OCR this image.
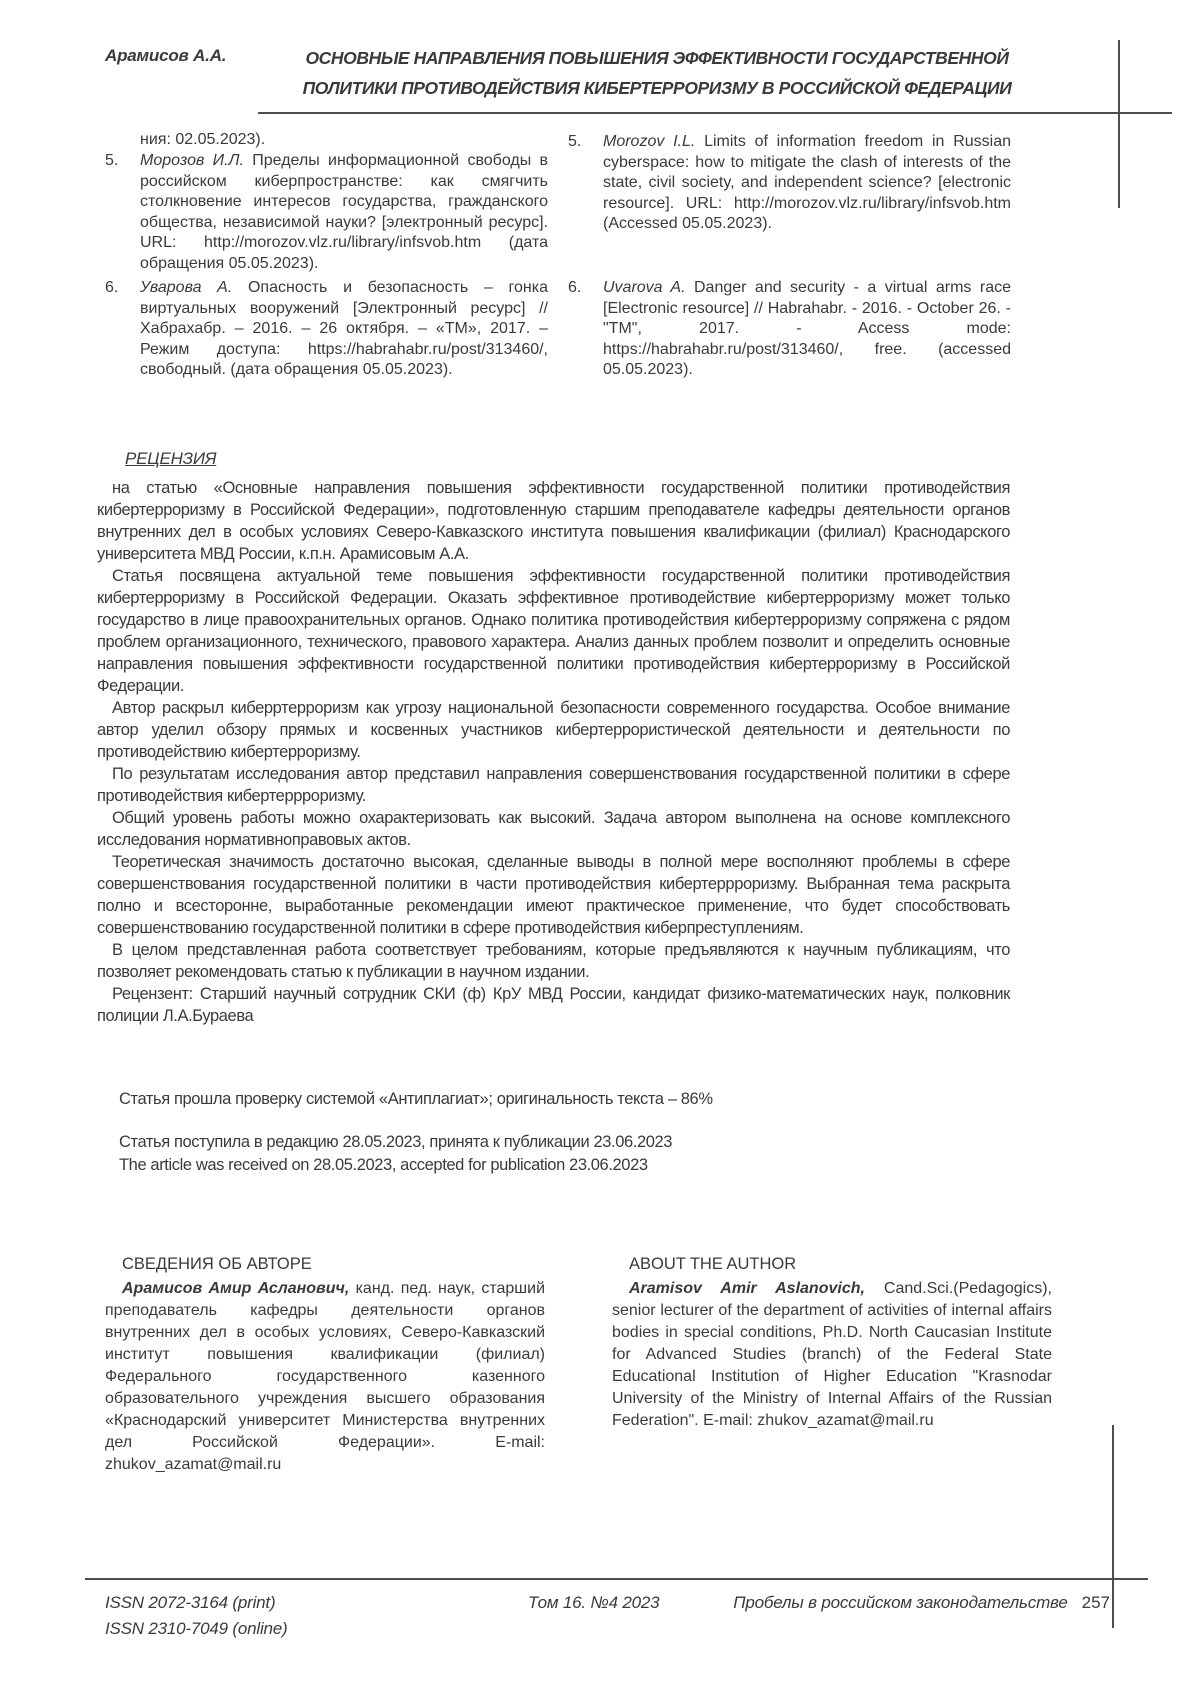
Арамисов А.А.	ОСНОВНЫЕ НАПРАВЛЕНИЯ ПОВЫШЕНИЯ ЭФФЕКТИВНОСТИ ГОСУДАРСТВЕННОЙ
ПОЛИТИКИ ПРОТИВОДЕЙСТВИЯ КИБЕРТЕРРОРИЗМУ В РОССИЙСКОЙ ФЕДЕРАЦИИ
ния: 02.05.2023).
5.	Морозов И.Л. Пределы информационной свободы в российском киберпространстве: как смягчить столкновение интересов государства, гражданского общества, независимой науки? [электронный ресурс]. URL: http://morozov.vlz.ru/library/infsvob.htm (дата обращения 05.05.2023).

6.	Уварова А. Опасность и безопасность – гонка виртуальных вооружений [Электронный ресурс] // Хабрахабр. – 2016. – 26 октября. – «ТМ», 2017. – Режим доступа: https://habrahabr.ru/post/313460/, свободный. (дата обращения 05.05.2023).

5.	Morozov I.L. Limits of information freedom in Russian cyberspace: how to mitigate the clash of interests of the state, civil society, and independent science? [electronic resource]. URL: http://morozov.vlz.ru/library/infsvob.htm (Accessed 05.05.2023).

6.	Uvarova A. Danger and security - a virtual arms race [Electronic resource] // Habrahabr. - 2016. - October 26. - "TM", 2017. - Access mode: https://habrahabr.ru/post/313460/, free. (accessed 05.05.2023).

РЕЦЕНЗИЯ

на статью «Основные направления повышения эффективности государственной политики противодействия кибертерроризму в Российской Федерации», подготовленную старшим преподавателе кафедры деятельности органов внутренних дел в особых условиях Северо-Кавказского института повышения квалификации (филиал) Краснодарского университета МВД России, к.п.н. Арамисовым А.А.

Статья посвящена актуальной теме повышения эффективности государственной политики противодействия кибертерроризму в Российской Федерации. Оказать эффективное противодействие кибертерроризму может только государство в лице правоохранительных органов. Однако политика противодействия кибертерроризму сопряжена с рядом проблем организационного, технического, правового характера. Анализ данных проблем позволит и определить основные направления повышения эффективности государственной политики противодействия кибертерроризму в Российской Федерации.

Автор раскрыл киберртерроризм как угрозу национальной безопасности современного государства. Особое внимание автор уделил обзору прямых и косвенных участников кибертеррористической деятельности и деятельности по противодействию кибертерроризму.

По результатам исследования автор представил направления совершенствования государственной политики в сфере противодействия кибертеррроризму.

Общий уровень работы можно охарактеризовать как высокий. Задача автором выполнена на основе комплексного исследования нормативноправовых актов.

Теоретическая значимость достаточно высокая, сделанные выводы в полной мере восполняют проблемы в сфере совершенствования государственной политики в части противодействия кибертеррроризму. Выбранная тема раскрыта полно и всесторонне, выработанные рекомендации имеют практическое применение, что будет способствовать совершенствованию государственной политики в сфере противодействия киберпреступлениям.

В целом представленная работа соответствует требованиям, которые предъявляются к научным публикациям, что позволяет рекомендовать статью к публикации в научном издании.

Рецензент: Старший научный сотрудник СКИ (ф) КрУ МВД России, кандидат физико-математических наук, полковник полиции Л.А.Бураева

Статья прошла проверку системой «Антиплагиат»; оригинальность текста – 86%
Статья поступила в редакцию 28.05.2023, принята к публикации 23.06.2023
The article was received on 28.05.2023, accepted for publication 23.06.2023
СВЕДЕНИЯ ОБ АВТОРЕ

Арамисов Амир Асланович, канд. пед. наук, старший преподаватель кафедры деятельности органов внутренних дел в особых условиях, Северо-Кавказский институт повышения квалификации (филиал) Федерального государственного казенного образовательного учреждения высшего образования «Краснодарский университет Министерства внутренних дел Российской Федерации». E-mail: zhukov_azamat@mail.ru

ABOUT THE AUTHOR

Aramisov Amir Aslanovich, Cand.Sci.(Pedagogics), senior lecturer of the department of activities of internal affairs bodies in special conditions, Ph.D. North Caucasian Institute for Advanced Studies (branch) of the Federal State Educational Institution of Higher Education "Krasnodar University of the Ministry of Internal Affairs of the Russian Federation". E-mail: zhukov_azamat@mail.ru

ISSN 2072-3164 (print)
ISSN 2310-7049 (online)
Том 16. №4 2023	Пробелы в российском законодательстве 257
